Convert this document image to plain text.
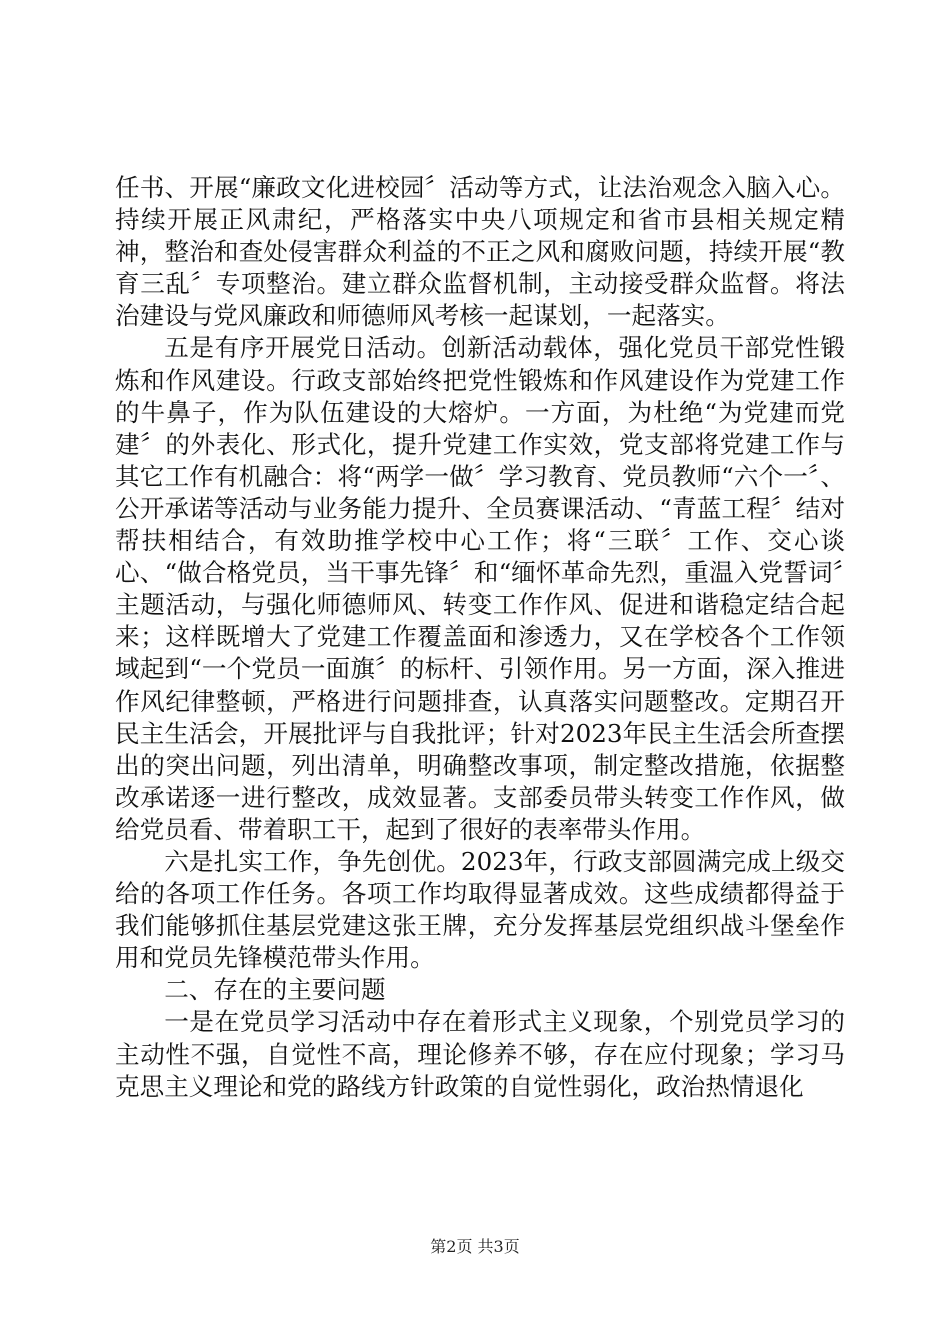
任书、开展“廉政文化进校园〞活动等方式，让法治观念入脑入心。持续开展正风肃纪，严格落实中央八项规定和省市县相关规定精神，整治和查处侵害群众利益的不正之风和腐败问题，持续开展“教育三乱〞专项整治。建立群众监督机制，主动接受群众监督。将法治建设与党风廉政和师德师风考核一起谋划，一起落实。

五是有序开展党日活动。创新活动载体，强化党员干部党性锻炼和作风建设。行政支部始终把党性锻炼和作风建设作为党建工作的牛鼻子，作为队伍建设的大熔炉。一方面，为杜绝“为党建而党建〞的外表化、形式化，提升党建工作实效，党支部将党建工作与其它工作有机融合：将“两学一做〞学习教育、党员教师“六个一〞、公开承诺等活动与业务能力提升、全员赛课活动、“青蓝工程〞结对帮扶相结合，有效助推学校中心工作；将“三联〞工作、交心谈心、“做合格党员，当干事先锋〞和“缅怀革命先烈，重温入党誓词〞主题活动，与强化师德师风、转变工作作风、促进和谐稳定结合起来；这样既增大了党建工作覆盖面和渗透力，又在学校各个工作领域起到“一个党员一面旗〞的标杆、引领作用。另一方面，深入推进作风纪律整顿，严格进行问题排查，认真落实问题整改。定期召开民主生活会，开展批评与自我批评；针对2023年民主生活会所查摆出的突出问题，列出清单，明确整改事项，制定整改措施，依据整改承诺逐一进行整改，成效显著。支部委员带头转变工作作风，做给党员看、带着职工干，起到了很好的表率带头作用。

六是扎实工作，争先创优。2023年，行政支部圆满完成上级交给的各项工作任务。各项工作均取得显著成效。这些成绩都得益于我们能够抓住基层党建这张王牌，充分发挥基层党组织战斗堡垒作用和党员先锋模范带头作用。

二、存在的主要问题

一是在党员学习活动中存在着形式主义现象，个别党员学习的主动性不强，自觉性不高，理论修养不够，存在应付现象；学习马克思主义理论和党的路线方针政策的自觉性弱化，政治热情退化

第2页 共3页
